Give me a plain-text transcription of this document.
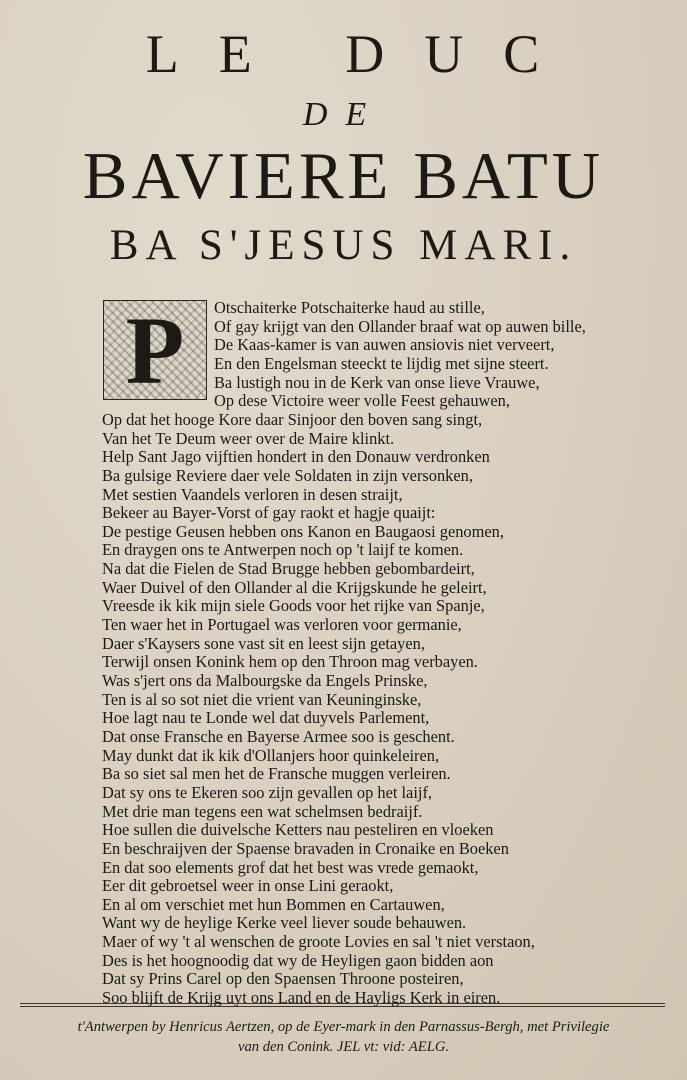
LE DUC
DE
BAVIERE BATU
BA S'JESUS MARI.
P	Otschaiterke Potschaiterke haud au stille,
Of gay krijgt van den Ollander braaf wat op auwen bille,
De Kaas-kamer is van auwen ansiovis niet verveert,
En den Engelsman steeckt te lijdig met sijne steert.
Ba lustigh nou in de Kerk van onse lieve Vrauwe,
Op dese Victoire weer volle Feest gehauwen,
Op dat het hooge Kore daar Sinjoor den boven sang singt,
Van het Te Deum weer over de Maire klinkt.
Help Sant Jago vijftien hondert in den Donauw verdronken
Ba gulsige Reviere daer vele Soldaten in zijn versonken,
Met sestien Vaandels verloren in desen straijt,
Bekeer au Bayer-Vorst of gay raokt et hagje quaijt:
De pestige Geusen hebben ons Kanon en Baugaosi genomen,
En draygen ons te Antwerpen noch op 't laijf te komen.
Na dat die Fielen de Stad Brugge hebben gebombardeirt,
Waer Duivel of den Ollander al die Krijgskunde he geleirt,
Vreesde ik kik mijn siele Goods voor het rijke van Spanje,
Ten waer het in Portugael was verloren voor germanie,
Daer s'Kaysers sone vast sit en leest sijn getayen,
Terwijl onsen Konink hem op den Throon mag verbayen.
Was s'jert ons da Malbourgske da Engels Prinske,
Ten is al so sot niet die vrient van Keuninginske,
Hoe lagt nau te Londe wel dat duyvels Parlement,
Dat onse Fransche en Bayerse Armee soo is geschent.
May dunkt dat ik kik d'Ollanjers hoor quinkeleiren,
Ba so siet sal men het de Fransche muggen verleiren.
Dat sy ons te Ekeren soo zijn gevallen op het laijf,
Met drie man tegens een wat schelmsen bedraijf.
Hoe sullen die duivelsche Ketters nau pesteliren en vloeken
En beschraijven der Spaense bravaden in Cronaike en Boeken
En dat soo elements grof dat het best was vrede gemaokt,
Eer dit gebroetsel weer in onse Lini geraokt,
En al om verschiet met hun Bommen en Cartauwen,
Want wy de heylige Kerke veel liever soude behauwen.
Maer of wy 't al wenschen de groote Lovies en sal 't niet verstaon,
Des is het hoognoodig dat wy de Heyligen gaon bidden aon
Dat sy Prins Carel op den Spaensen Throone posteiren,
Soo blijft de Krijg uyt ons Land en de Hayligs Kerk in eiren.
t'Antwerpen by Henricus Aertzen, op de Eyer-mark in den Parnassus-Bergh, met Privilegie
van den Conink. JEL vt: vid: AELG.
